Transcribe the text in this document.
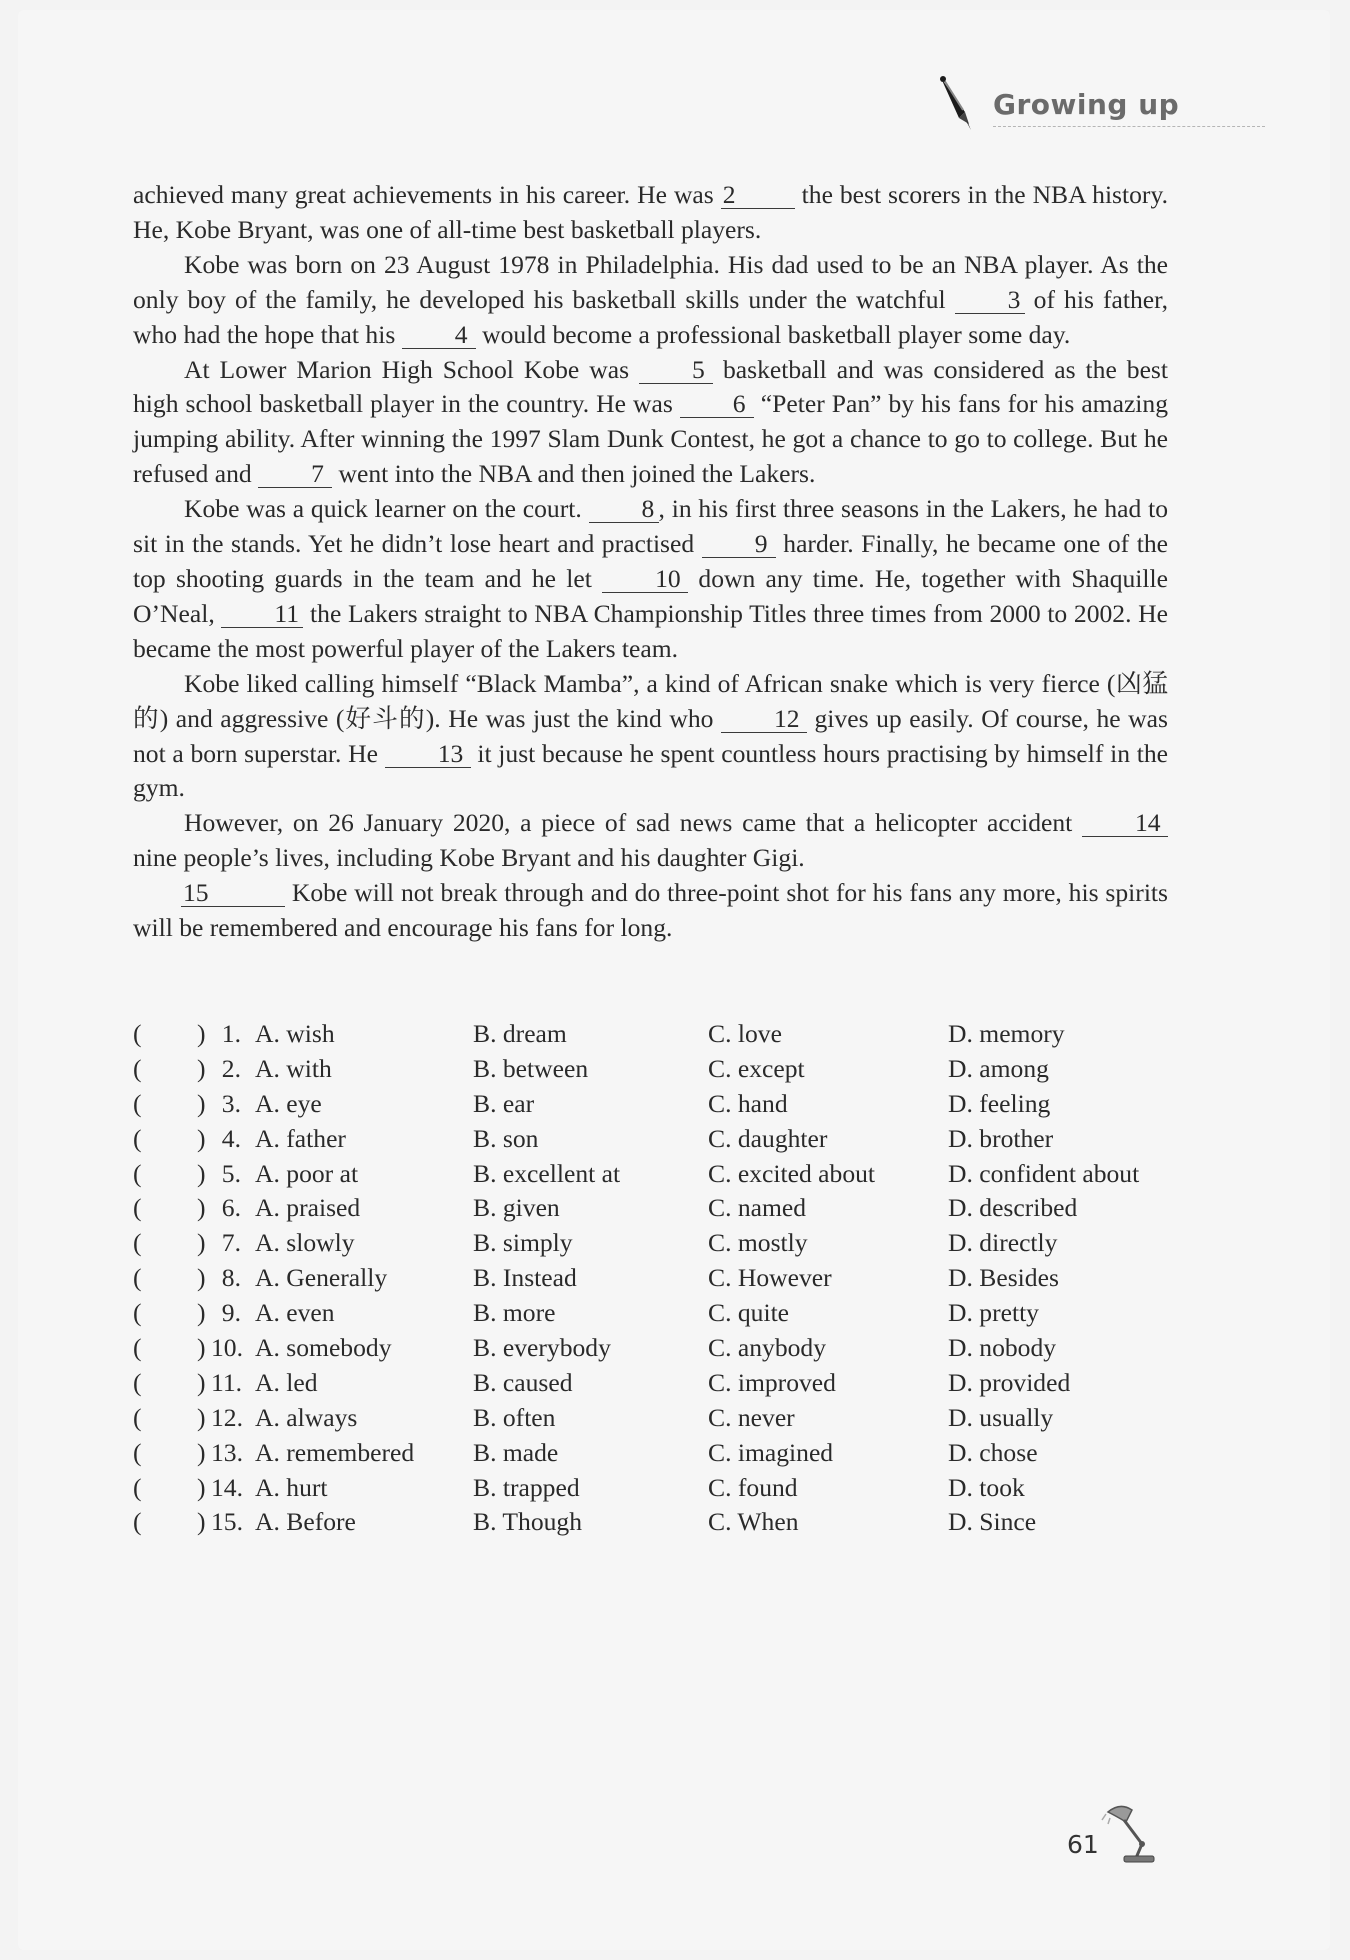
Growing up

achieved many great achievements in his career. He was 2 the best scorers in the NBA history. He, Kobe Bryant, was one of all-time best basketball players.

Kobe was born on 23 August 1978 in Philadelphia. His dad used to be an NBA player. As the only boy of the family, he developed his basketball skills under the watchful 3 of his father, who had the hope that his 4 would become a professional basketball player some day.

At Lower Marion High School Kobe was 5 basketball and was considered as the best high school basketball player in the country. He was 6 “Peter Pan” by his fans for his amazing jumping ability. After winning the 1997 Slam Dunk Contest, he got a chance to go to college. But he refused and 7 went into the NBA and then joined the Lakers.

Kobe was a quick learner on the court. 8 , in his first three seasons in the Lakers, he had to sit in the stands. Yet he didn’t lose heart and practised 9 harder. Finally, he became one of the top shooting guards in the team and he let 10 down any time. He, together with Shaquille O’Neal, 11 the Lakers straight to NBA Championship Titles three times from 2000 to 2002. He became the most powerful player of the Lakers team.

Kobe liked calling himself “Black Mamba”, a kind of African snake which is very fierce (凶猛的) and aggressive (好斗的). He was just the kind who 12 gives up easily. Of course, he was not a born superstar. He 13 it just because he spent countless hours practising by himself in the gym.

However, on 26 January 2020, a piece of sad news came that a helicopter accident 14 nine people’s lives, including Kobe Bryant and his daughter Gigi.

15	Kobe will not break through and do three-point shot for his fans any more, his spirits will be remembered and encourage his fans for long.

( ) 1. A. wish	B. dream	C. love	D. memory
( ) 2. A. with	B. between	C. except	D. among
( ) 3. A. eye	B. ear	C. hand	D. feeling
( ) 4. A. father	B. son	C. daughter	D. brother
( ) 5. A. poor at	B. excellent at	C. excited about	D. confident about
( ) 6. A. praised	B. given	C. named	D. described
( ) 7. A. slowly	B. simply	C. mostly	D. directly
( ) 8. A. Generally	B. Instead	C. However	D. Besides
( ) 9. A. even	B. more	C. quite	D. pretty
( ) 10. A. somebody	B. everybody	C. anybody	D. nobody
( ) 11. A. led	B. caused	C. improved	D. provided
( ) 12. A. always	B. often	C. never	D. usually
( ) 13. A. remembered B. made	C. imagined	D. chose
( ) 14. A. hurt	B. trapped	C. found	D. took
( ) 15. A. Before	B. Though	C. When	D. Since
61
